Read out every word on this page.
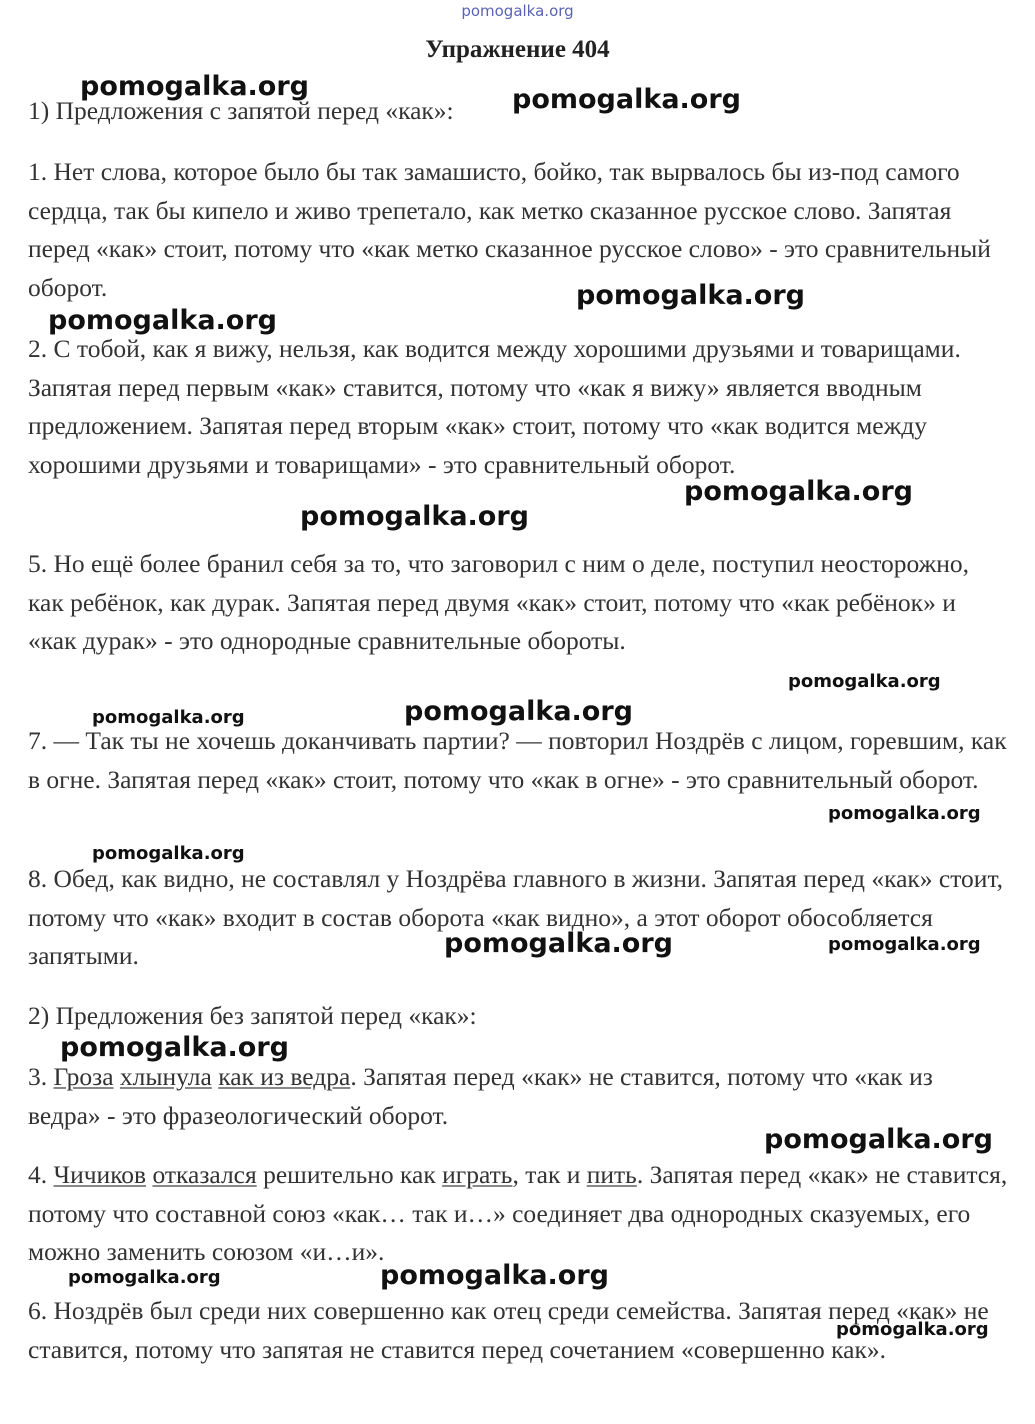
pomogalka.org
Упражнение 404

1) Предложения с запятой перед «как»:

1. Нет слова, которое было бы так замашисто, бойко, так вырвалось бы из-под самого сердца, так бы кипело и живо трепетало, как метко сказанное русское слово. Запятая перед «как» стоит, потому что «как метко сказанное русское слово» - это сравнительный оборот.

2. С тобой, как я вижу, нельзя, как водится между хорошими друзьями и товарищами. Запятая перед первым «как» ставится, потому что «как я вижу» является вводным предложением. Запятая перед вторым «как» стоит, потому что «как водится между хорошими друзьями и товарищами» - это сравнительный оборот.

5. Но ещё более бранил себя за то, что заговорил с ним о деле, поступил неосторожно, как ребёнок, как дурак. Запятая перед двумя «как» стоит, потому что «как ребёнок» и «как дурак» - это однородные сравнительные обороты.

7. — Так ты не хочешь доканчивать партии? — повторил Ноздрёв с лицом, горевшим, как в огне. Запятая перед «как» стоит, потому что «как в огне» - это сравнительный оборот.

8. Обед, как видно, не составлял у Ноздрёва главного в жизни. Запятая перед «как» стоит, потому что «как» входит в состав оборота «как видно», а этот оборот обособляется запятыми.

2) Предложения без запятой перед «как»:

3. Гроза хлынула как из ведра. Запятая перед «как» не ставится, потому что «как из ведра» - это фразеологический оборот.

4. Чичиков отказался решительно как играть, так и пить. Запятая перед «как» не ставится, потому что составной союз «как… так и…» соединяет два однородных сказуемых, его можно заменить союзом «и…и».

6. Ноздрёв был среди них совершенно как отец среди семейства. Запятая перед «как» не ставится, потому что запятая не ставится перед сочетанием «совершенно как».

pomogalka.org	pomogalka.org
pomogalka.org
pomogalka.org
pomogalka.org
pomogalka.org
pomogalka.org
pomogalka.org	pomogalka.org
pomogalka.org
pomogalka.org
pomogalka.org	pomogalka.org
pomogalka.org
pomogalka.org
pomogalka.org	pomogalka.org
pomogalka.org
